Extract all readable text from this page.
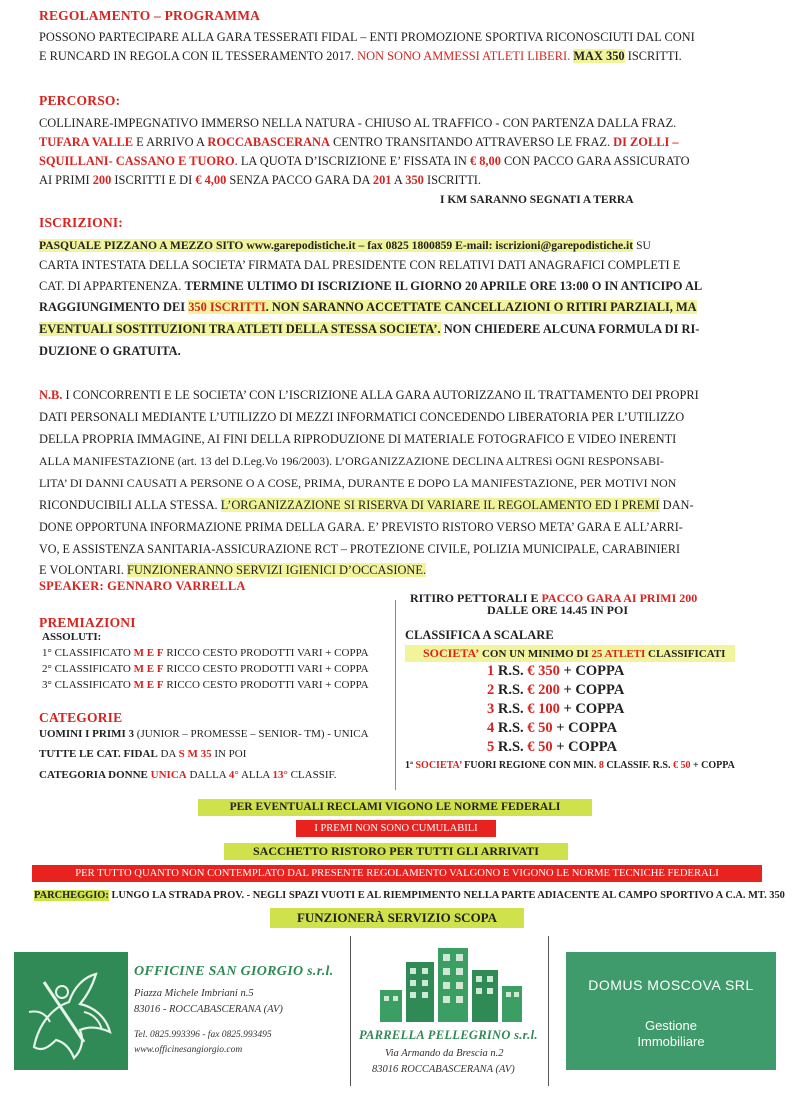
REGOLAMENTO – PROGRAMMA
POSSONO PARTECIPARE ALLA GARA TESSERATI FIDAL – ENTI PROMOZIONE SPORTIVA RICONOSCIUTI DAL CONI
E RUNCARD IN REGOLA CON IL TESSERAMENTO 2017. NON SONO AMMESSI ATLETI LIBERI. MAX 350 ISCRITTI.
PERCORSO:
COLLINARE-IMPEGNATIVO IMMERSO NELLA NATURA - CHIUSO AL TRAFFICO - CON PARTENZA DALLA FRAZ.
TUFARA VALLE E ARRIVO A ROCCABASCERANA CENTRO TRANSITANDO ATTRAVERSO LE FRAZ. DI ZOLLI –
SQUILLANI- CASSANO E TUORO. LA QUOTA D’ISCRIZIONE E’ FISSATA IN € 8,00 CON PACCO GARA ASSICURATO
AI PRIMI 200 ISCRITTI E DI € 4,00 SENZA PACCO GARA DA 201 A 350 ISCRITTI.
I KM SARANNO SEGNATI A TERRA
ISCRIZIONI:
PASQUALE PIZZANO A MEZZO SITO www.garepodistiche.it – fax 0825 1800859 E-mail: iscrizioni@garepodistiche.it SU
CARTA INTESTATA DELLA SOCIETA’ FIRMATA DAL PRESIDENTE CON RELATIVI DATI ANAGRAFICI COMPLETI E
CAT. DI APPARTENENZA. TERMINE ULTIMO DI ISCRIZIONE IL GIORNO 20 APRILE ORE 13:00 O IN ANTICIPO AL
RAGGIUNGIMENTO DEI 350 ISCRITTI. NON SARANNO ACCETTATE CANCELLAZIONI O RITIRI PARZIALI, MA
EVENTUALI SOSTITUZIONI TRA ATLETI DELLA STESSA SOCIETA’. NON CHIEDERE ALCUNA FORMULA DI RI-
DUZIONE O GRATUITA.
N.B. I CONCORRENTI E LE SOCIETA’ CON L’ISCRIZIONE ALLA GARA AUTORIZZANO IL TRATTAMENTO DEI PROPRI
DATI PERSONALI MEDIANTE L’UTILIZZO DI MEZZI INFORMATICI CONCEDENDO LIBERATORIA PER L’UTILIZZO
DELLA PROPRIA IMMAGINE, AI FINI DELLA RIPRODUZIONE DI MATERIALE FOTOGRAFICO E VIDEO INERENTI
ALLA MANIFESTAZIONE (art. 13 del D.Leg.Vo 196/2003). L’ORGANIZZAZIONE DECLINA ALTRESì OGNI RESPONSABI-
LITA’ DI DANNI CAUSATI A PERSONE O A COSE, PRIMA, DURANTE E DOPO LA MANIFESTAZIONE, PER MOTIVI NON
RICONDUCIBILI ALLA STESSA. L’ORGANIZZAZIONE SI RISERVA DI VARIARE IL REGOLAMENTO ED I PREMI DAN-
DONE OPPORTUNA INFORMAZIONE PRIMA DELLA GARA. E’ PREVISTO RISTORO VERSO META’ GARA E ALL’ARRI-
VO, E ASSISTENZA SANITARIA-ASSICURAZIONE RCT – PROTEZIONE CIVILE, POLIZIA MUNICIPALE, CARABINIERI
E VOLONTARI. FUNZIONERANNO SERVIZI IGIENICI D’OCCASIONE.
SPEAKER: GENNARO VARRELLA
PREMIAZIONI
ASSOLUTI:
1° CLASSIFICATO M E F RICCO CESTO PRODOTTI VARI + COPPA
2° CLASSIFICATO M E F RICCO CESTO PRODOTTI VARI + COPPA
3° CLASSIFICATO M E F RICCO CESTO PRODOTTI VARI + COPPA
CATEGORIE
UOMINI I PRIMI 3 (JUNIOR – PROMESSE – SENIOR- TM) - UNICA
TUTTE LE CAT. FIDAL DA S M 35 IN POI
CATEGORIA DONNE UNICA DALLA 4° ALLA 13° CLASSIF.
RITIRO PETTORALI E PACCO GARA AI PRIMI 200
DALLE ORE 14.45 IN POI
CLASSIFICA A SCALARE
SOCIETA’ CON UN MINIMO DI 25 ATLETI CLASSIFICATI
1 R.S. € 350 + COPPA
2 R.S. € 200 + COPPA
3 R.S. € 100 + COPPA
4 R.S. € 50 + COPPA
5 R.S. € 50 + COPPA
1ª SOCIETA’ FUORI REGIONE CON MIN. 8 CLASSIF. R.S. € 50 + COPPA
PER EVENTUALI RECLAMI VIGONO LE NORME FEDERALI
I PREMI NON SONO CUMULABILI
SACCHETTO RISTORO PER TUTTI GLI ARRIVATI
PER TUTTO QUANTO NON CONTEMPLATO DAL PRESENTE REGOLAMENTO VALGONO E VIGONO LE NORME TECNICHE FEDERALI
PARCHEGGIO: LUNGO LA STRADA PROV. - NEGLI SPAZI VUOTI E AL RIEMPIMENTO NELLA PARTE ADIACENTE AL CAMPO SPORTIVO A C.A. MT. 350
FUNZIONERÀ SERVIZIO SCOPA
OFFICINE SAN GIORGIO s.r.l.
Piazza Michele Imbriani n.5
83016 - ROCCABASCERANA (AV)
Tel. 0825.993396 - fax 0825.993495
www.officinesangiorgio.com
PARRELLA PELLEGRINO s.r.l.
Via Armando da Brescia n.2
83016 ROCCABASCERANA (AV)
DOMUS MOSCOVA SRL
Gestione
Immobiliare
